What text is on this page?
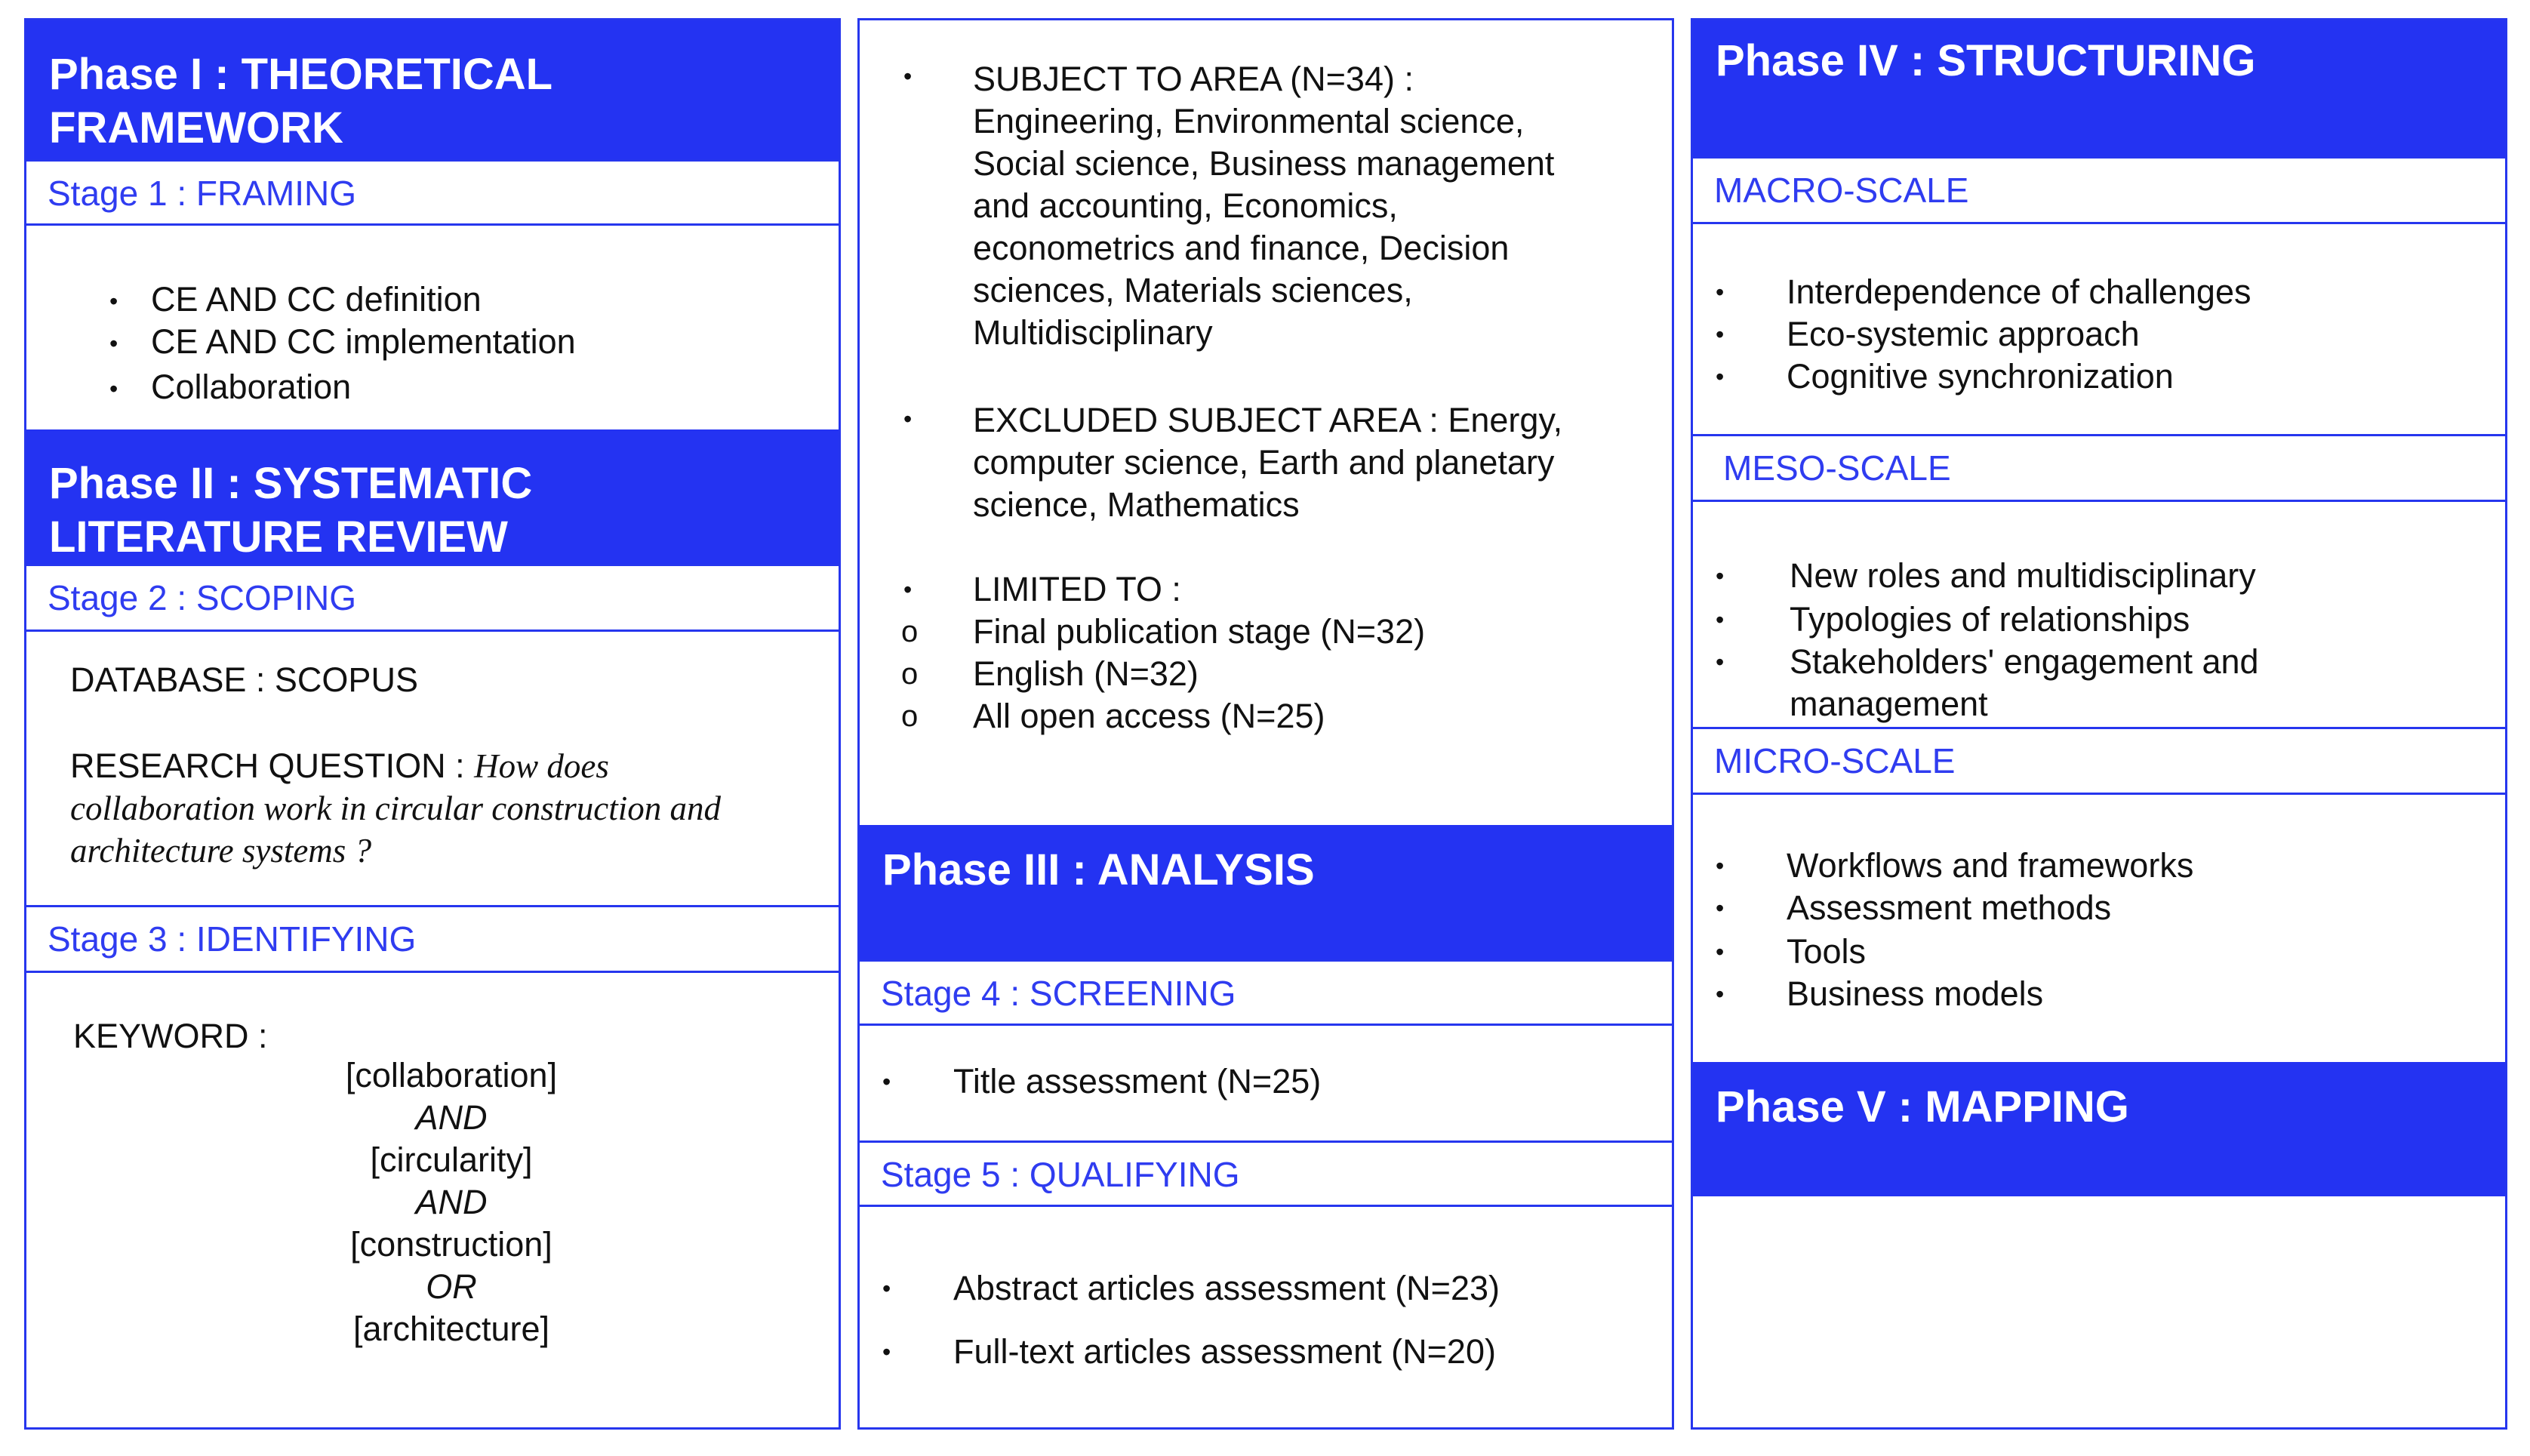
Phase I : THEORETICAL
FRAMEWORK
Stage 1 : FRAMING
• CE AND CC definition
• CE AND CC implementation
• Collaboration
Phase II : SYSTEMATIC
LITERATURE REVIEW
Stage 2 : SCOPING
DATABASE : SCOPUS
RESEARCH QUESTION : How does
collaboration work in circular construction and
architecture systems ?
Stage 3 : IDENTIFYING
KEYWORD :
[collaboration]
AND
[circularity]
AND
[construction]
OR
[architecture]
• SUBJECT TO AREA (N=34) :
Engineering, Environmental science,
Social science, Business management
and accounting, Economics,
econometrics and finance, Decision
sciences, Materials sciences,
Multidisciplinary
• EXCLUDED SUBJECT AREA : Energy,
computer science, Earth and planetary
science, Mathematics
• LIMITED TO :
o Final publication stage (N=32)
o English (N=32)
o All open access (N=25)
Phase III : ANALYSIS
Stage 4 : SCREENING
• Title assessment (N=25)
Stage 5 : QUALIFYING
• Abstract articles assessment (N=23)
• Full-text articles assessment (N=20)
Phase IV : STRUCTURING
MACRO-SCALE
• Interdependence of challenges
• Eco-systemic approach
• Cognitive synchronization
MESO-SCALE
• New roles and multidisciplinary
• Typologies of relationships
• Stakeholders' engagement and
management
MICRO-SCALE
• Workflows and frameworks
• Assessment methods
• Tools
• Business models
Phase V : MAPPING
